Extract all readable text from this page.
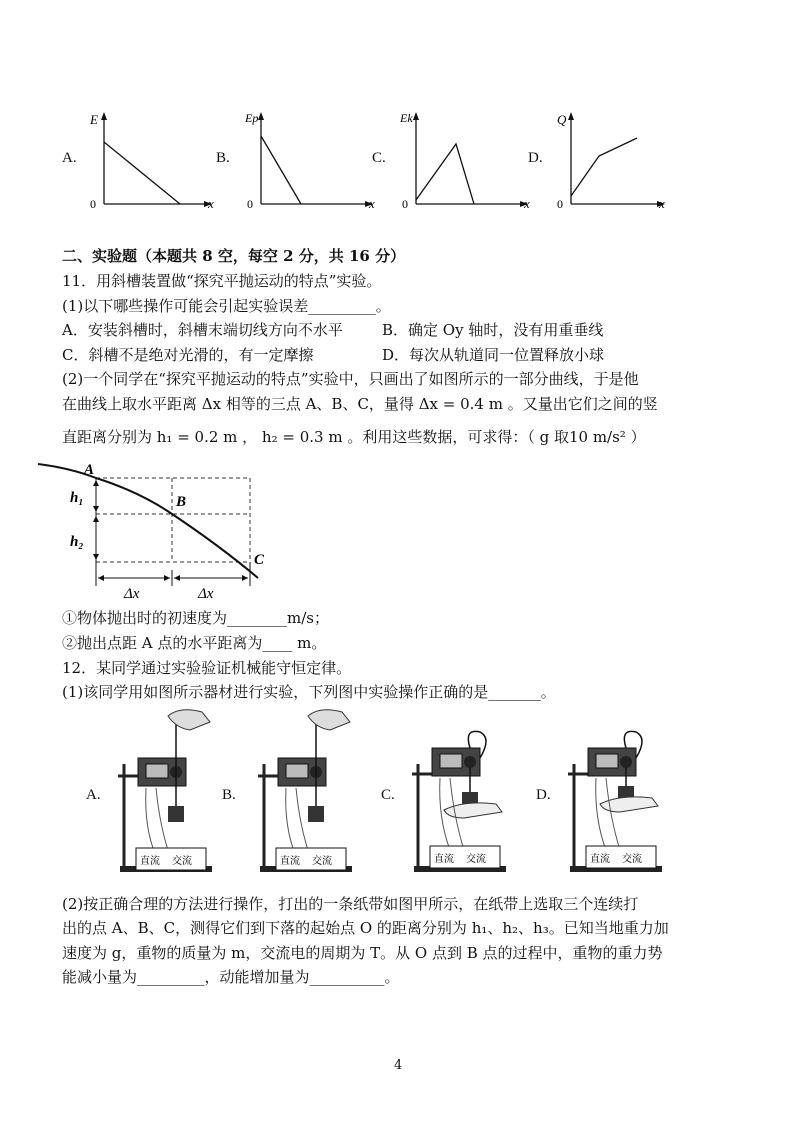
A.
E
0	x
B.
Ep
0	x
C.
Ek
0	x
D.
Q
0	x
二、实验题（本题共 8 空，每空 2 分，共 16 分）
11．用斜槽装置做“探究平抛运动的特点”实验。
(1)以下哪些操作可能会引起实验误差_________。
A．安装斜槽时，斜槽末端切线方向不水平	B．确定 Oy 轴时，没有用重垂线
C．斜槽不是绝对光滑的，有一定摩擦	D．每次从轨道同一位置释放小球
(2)一个同学在“探究平抛运动的特点”实验中，只画出了如图所示的一部分曲线，于是他
在曲线上取水平距离 Δx 相等的三点 A、B、C，量得 Δx = 0.4 m 。又量出它们之间的竖
直距离分别为 h₁ = 0.2 m ， h₂ = 0.3 m 。利用这些数据，可求得：（ g 取10 m/s² ）
A
B
C
h₁
h₂
Δx	Δx
①物体抛出时的初速度为________m/s；
②抛出点距 A 点的水平距离为____ m。
12．某同学通过实验验证机械能守恒定律。
(1)该同学用如图所示器材进行实验，下列图中实验操作正确的是_______。
A.
直流 交流
B.
直流 交流
C.
直流 交流
D.
直流 交流
(2)按正确合理的方法进行操作，打出的一条纸带如图甲所示，在纸带上选取三个连续打
出的点 A、B、C，测得它们到下落的起始点 O 的距离分别为 h₁、h₂、h₃。已知当地重力加
速度为 g，重物的质量为 m，交流电的周期为 T。从 O 点到 B 点的过程中，重物的重力势
能减小量为_________，动能增加量为__________。
4
